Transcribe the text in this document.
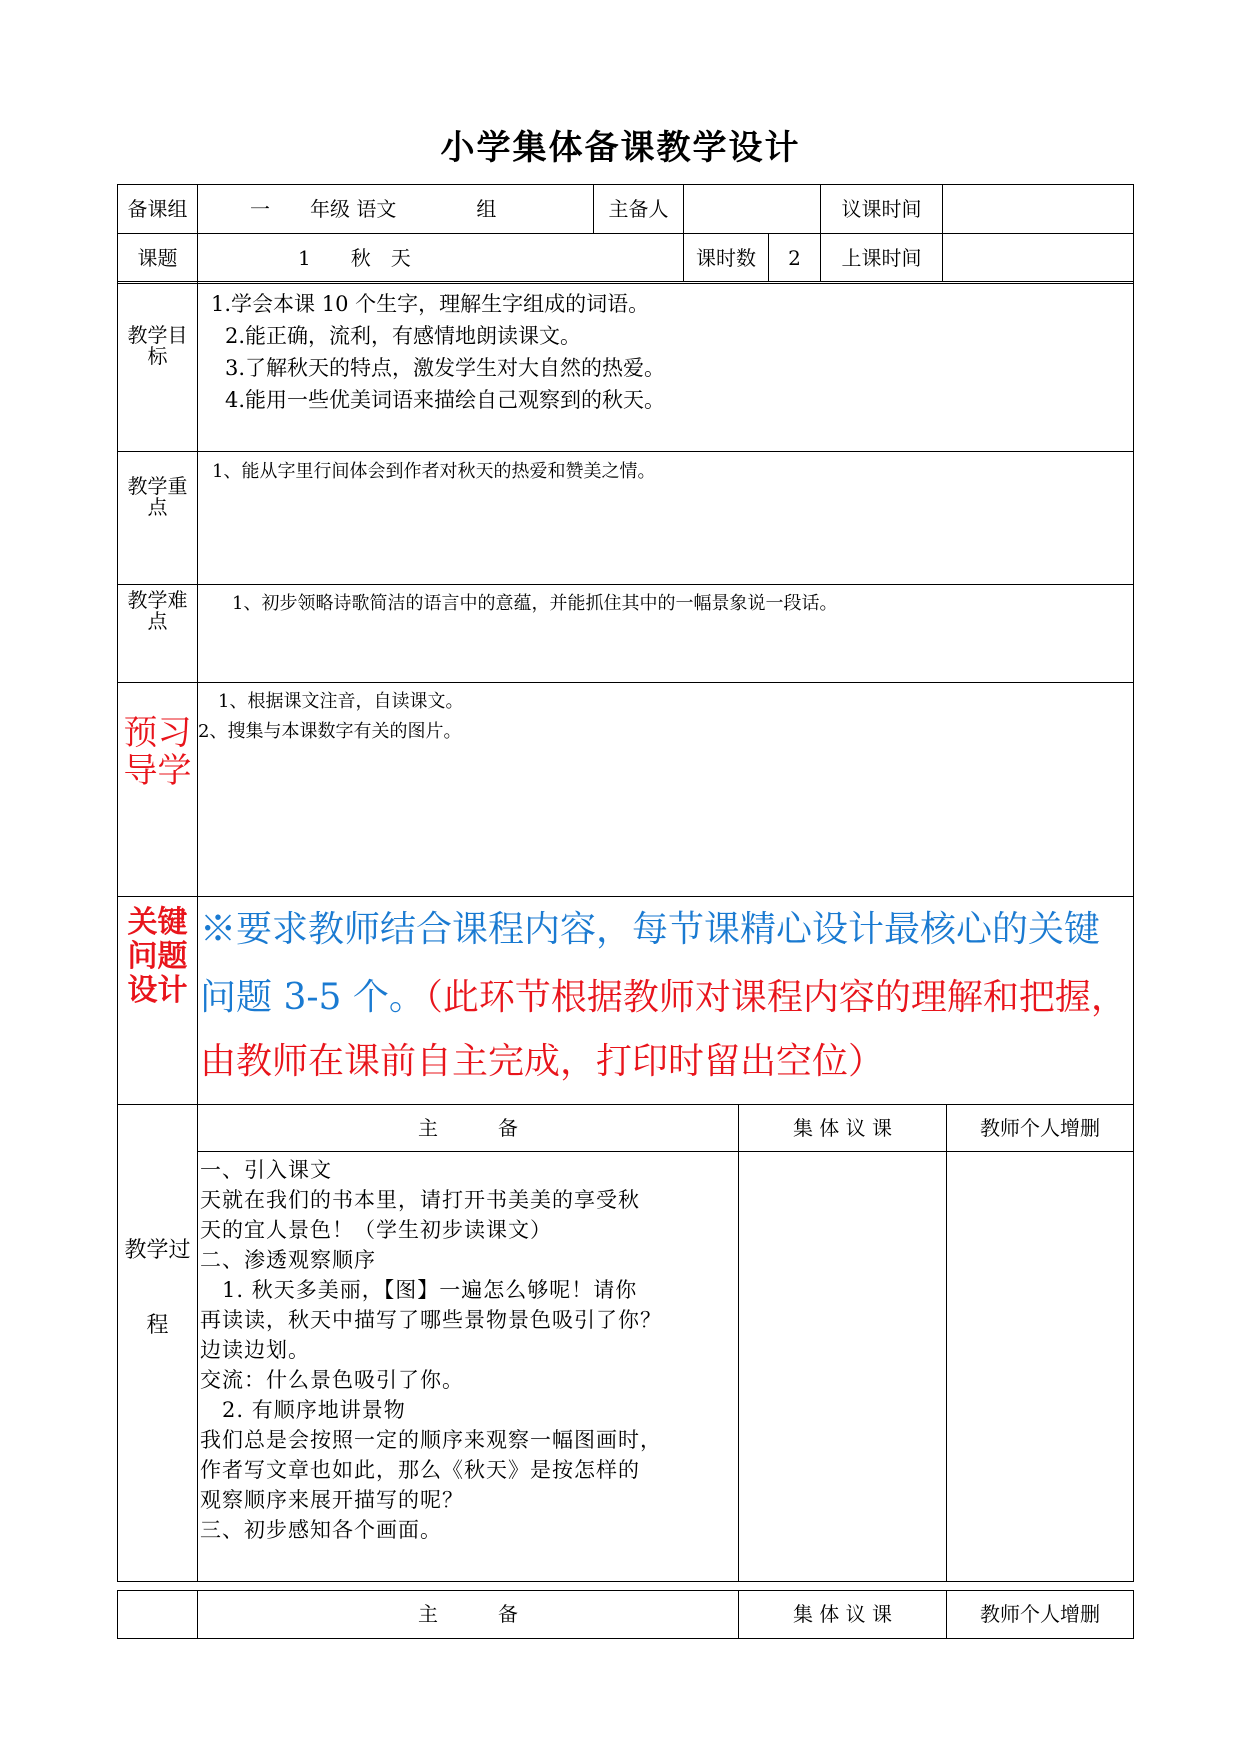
小学集体备课教学设计
备课组	一　　年级 语文　　　　组	主备人	议课时间
课题	1　　秋　天	课时数	2	上课时间
教学目标
1.学会本课 10 个生字，理解生字组成的词语。
2.能正确，流利，有感情地朗读课文。
3.了解秋天的特点，激发学生对大自然的热爱。
4.能用一些优美词语来描绘自己观察到的秋天。
教学重点
1、能从字里行间体会到作者对秋天的热爱和赞美之情。
教学难点
1、初步领略诗歌简洁的语言中的意蕴，并能抓住其中的一幅景象说一段话。
预习导学
1、根据课文注音，自读课文。
2、搜集与本课数字有关的图片。
关键问题设计
※要求教师结合课程内容，每节课精心设计最核心的关键
问题 3-5 个。（此环节根据教师对课程内容的理解和把握，
由教师在课前自主完成，打印时留出空位）
教学过程
主　　　备	集 体 议 课	教师个人增删
一、引入课文
天就在我们的书本里，请打开书美美的享受秋
天的宜人景色！（学生初步读课文）
二、渗透观察顺序
　1. 秋天多美丽，【图】一遍怎么够呢！请你
再读读，秋天中描写了哪些景物景色吸引了你？
边读边划。
交流：什么景色吸引了你。
　2. 有顺序地讲景物
我们总是会按照一定的顺序来观察一幅图画时，
作者写文章也如此，那么《秋天》是按怎样的
观察顺序来展开描写的呢？
三、初步感知各个画面。
主　　　备	集 体 议 课	教师个人增删
